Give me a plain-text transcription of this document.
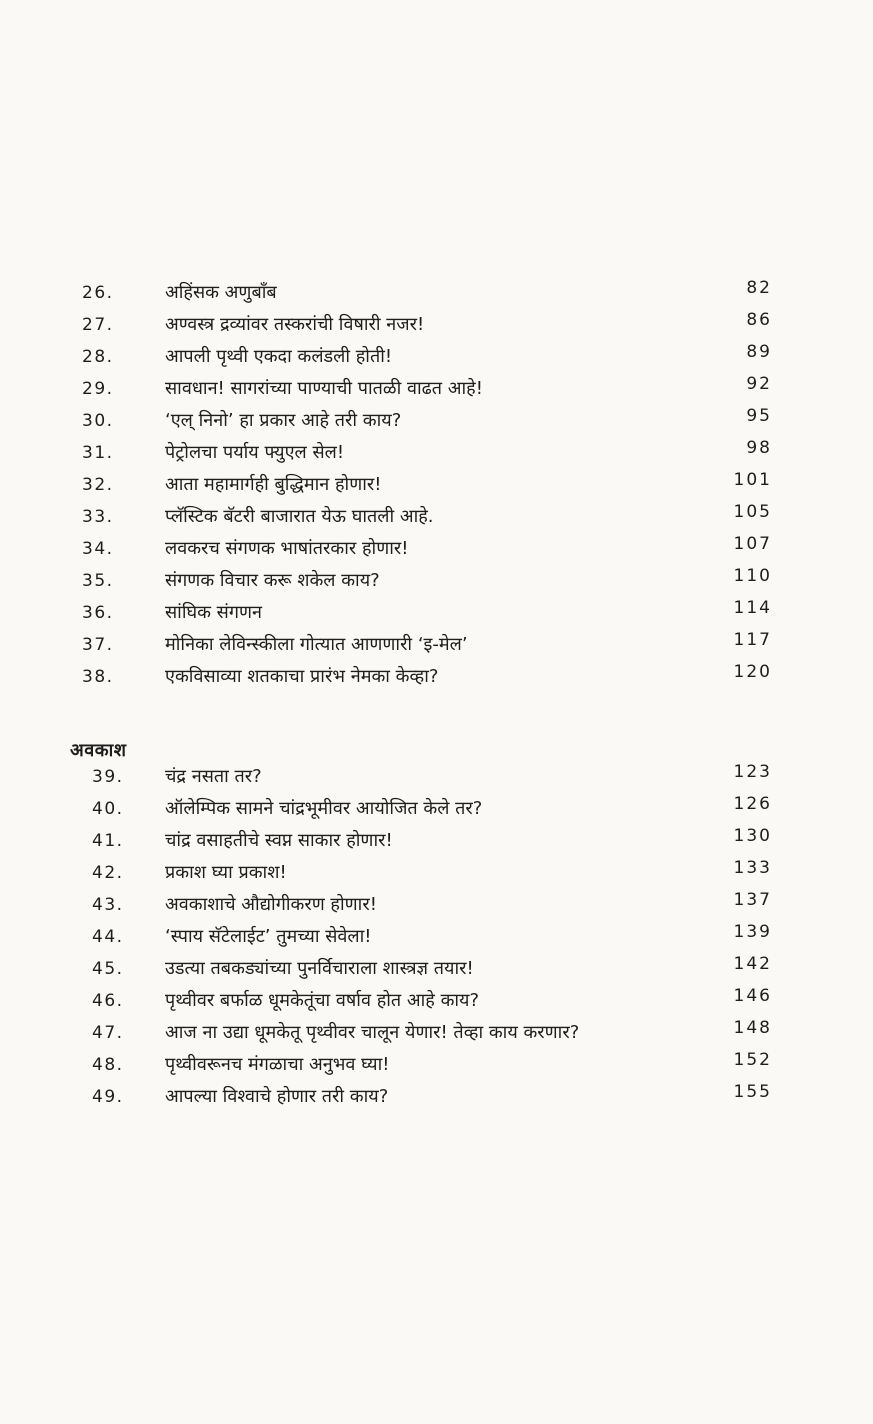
26.	अहिंसक अणुबाँब	82
27.	अण्वस्त्र द्रव्यांवर तस्करांची विषारी नजर!	86
28.	आपली पृथ्वी एकदा कलंडली होती!	89
29.	सावधान! सागरांच्या पाण्याची पातळी वाढत आहे!	92
30.	‘एल् निनो’ हा प्रकार आहे तरी काय?	95
31.	पेट्रोलचा पर्याय फ्युएल सेल!	98
32.	आता महामार्गही बुद्धिमान होणार!	101
33.	प्लॅस्टिक बॅटरी बाजारात येऊ घातली आहे.	105
34.	लवकरच संगणक भाषांतरकार होणार!	107
35.	संगणक विचार करू शकेल काय?	110
36.	सांघिक संगणन	114
37.	मोनिका लेविन्स्कीला गोत्यात आणणारी ‘इ-मेल’	117
38.	एकविसाव्या शतकाचा प्रारंभ नेमका केव्हा?	120
अवकाश
39.	चंद्र नसता तर?	123
40.	ऑलेम्पिक सामने चांद्रभूमीवर आयोजित केले तर?	126
41.	चांद्र वसाहतीचे स्वप्न साकार होणार!	130
42.	प्रकाश घ्या प्रकाश!	133
43.	अवकाशाचे औद्योगीकरण होणार!	137
44.	‘स्पाय सॅटेलाईट’ तुमच्या सेवेला!	139
45.	उडत्या तबकड्यांच्या पुनर्विचाराला शास्त्रज्ञ तयार!	142
46.	पृथ्वीवर बर्फाळ धूमकेतूंचा वर्षाव होत आहे काय?	146
47.	आज ना उद्या धूमकेतू पृथ्वीवर चालून येणार! तेव्हा काय करणार?	148
48.	पृथ्वीवरूनच मंगळाचा अनुभव घ्या!	152
49.	आपल्या विश्वाचे होणार तरी काय?	155
